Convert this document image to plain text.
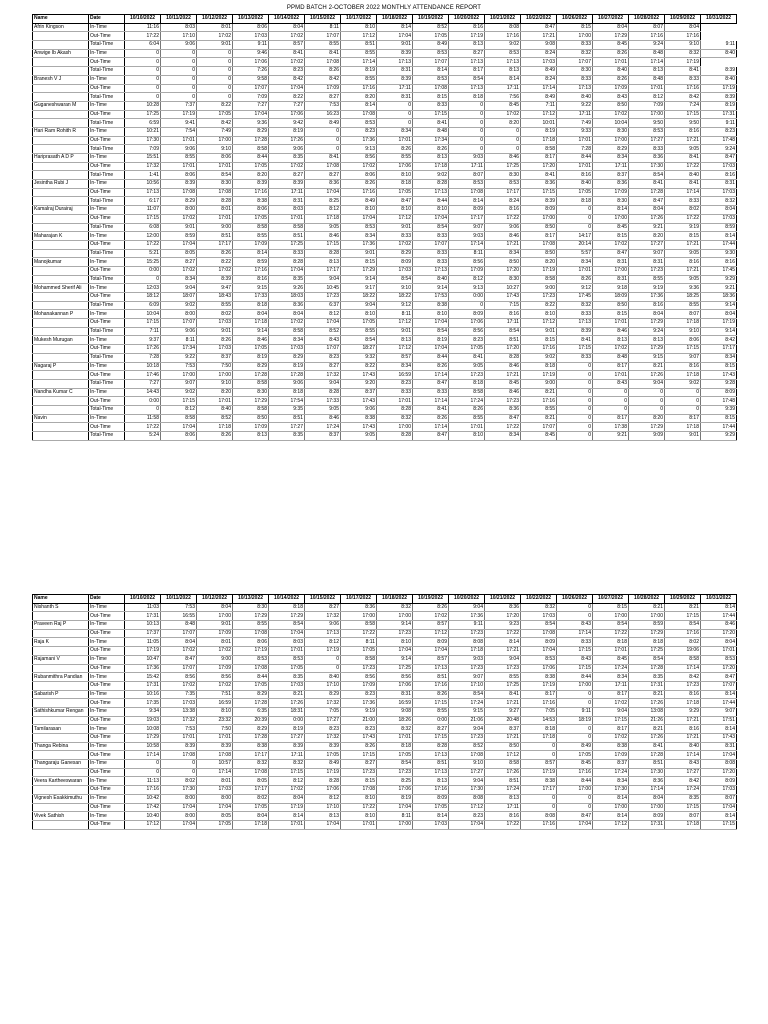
PPMD BATCH 2-OCTOBER 2022 MONTHLY ATTENDANCE REPORT
Name	Date	10/10/2022	10/11/2022	10/12/2022	10/13/2022	10/14/2022	10/15/2022	10/17/2022	10/18/2022	10/19/2022	10/20/2022	10/21/2022	10/22/2022	10/26/2022	10/27/2022	10/28/2022	10/29/2022	10/31/2022
Afrin Kingson	In-Time	11:16	8:03	8:01	8:06	8:04	8:11	8:10	8:14	8:52	8:16	8:08	8:47	8:15	8:04	8:07	8:04	
	Out-Time	17:22	17:10	17:02	17:03	17:02	17:07	17:12	17:04	17:05	17:19	17:16	17:21	17:00	17:29	17:16	17:16	
	Total-Time	6:04	9:06	9:01	9:11	8:57	8:55	8:51	9:01	8:49	8:13	9:02	9:08	8:33	8:45	9:24	9:10	9:11
Anwige Ib Akash	In-Time	0	0	0	9:46	8:41	8:41	8:55	8:39	8:53	8:27	8:53	8:24	8:32	8:26	8:48	8:32	8:40
	Out-Time	0	0	0	17:06	17:02	17:08	17:14	17:13	17:07	17:13	17:13	17:03	17:07	17:01	17:14	17:19	
	Total-Time	0	0	0	7:26	8:23	8:26	8:19	8:31	8:14	8:17	8:13	8:49	8:30	8:40	8:13	8:41	8:39
Branesh V J	In-Time	0	0	0	9:58	8:42	8:42	8:55	8:39	8:53	8:54	8:14	8:24	8:33	8:26	8:48	8:33	8:40
	Out-Time	0	0	0	17:07	17:04	17:09	17:16	17:11	17:08	17:13	17:11	17:14	17:13	17:09	17:01	17:16	17:19
	Total-Time	0	0	0	7:09	8:22	8:27	8:20	8:31	8:15	8:18	7:56	8:49	8:40	8:43	8:12	8:42	8:39
Guganeshwaran M	In-Time	10:28	7:37	8:22	7:27	7:27	7:53	8:14	0	8:33	0	8:45	7:11	9:22	8:50	7:09	7:24	8:19
	Out-Time	17:25	17:19	17:05	17:04	17:06	16:23	17:08	0	17:15	0	17:02	17:12	17:11	17:02	17:00	17:15	17:31
	Total-Time	6:59	9:41	8:42	9:36	9:42	8:49	8:53	0	8:41	0	8:20	10:01	7:49	10:04	9:50	9:50	9:11
Hari Ram Rohith R	In-Time	10:21	7:54	7:49	8:29	8:19	0	8:23	8:34	8:48	0	0	8:19	9:33	8:30	8:53	8:16	8:23
	Out-Time	17:30	17:01	17:00	17:28	17:26	0	17:36	17:01	17:34	0	0	17:18	17:01	17:00	17:27	17:21	17:48
	Total-Time	7:09	9:06	9:10	8:58	9:06	0	9:13	8:26	8:26	0	0	8:58	7:28	8:29	8:33	9:05	9:24
Hariprasath A D P	In-Time	15:51	8:55	8:06	8:44	8:35	8:41	8:56	8:55	8:13	9:03	8:46	8:17	8:44	8:34	8:36	8:41	8:47
	Out-Time	17:32	17:01	17:01	17:05	17:02	17:08	17:02	17:06	17:18	17:11	17:25	17:20	17:01	17:11	17:30	17:22	17:03
	Total-Time	1:41	8:06	8:54	8:20	8:27	8:27	8:06	8:10	9:02	8:07	8:30	8:41	8:16	8:37	8:54	8:40	8:16
Jesintha Rubi J	In-Time	10:56	8:39	8:30	8:39	8:39	8:36	8:26	8:18	8:28	8:53	8:53	8:36	8:40	8:36	8:41	8:41	8:31
	Out-Time	17:13	17:08	17:08	17:16	17:11	17:04	17:16	17:05	17:13	17:08	17:17	17:15	17:05	17:09	17:28	17:14	17:03
	Total-Time	6:17	8:29	8:28	8:38	8:31	8:25	8:49	8:47	8:44	8:14	8:24	8:39	8:18	8:30	8:47	8:33	8:32
Kamalraj Durairaj	In-Time	11:07	8:00	8:01	8:06	8:03	8:12	8:10	8:10	8:10	8:09	8:16	8:09	0	8:14	8:04	8:02	8:04
	Out-Time	17:15	17:02	17:01	17:05	17:01	17:18	17:04	17:12	17:04	17:17	17:22	17:00	0	17:00	17:26	17:22	17:03
	Total-Time	6:08	9:01	9:00	8:58	8:58	9:05	8:53	9:01	8:54	9:07	9:06	8:50	0	8:45	9:21	9:19	8:59
Maharajan K	In-Time	12:00	8:59	8:51	8:55	8:51	8:46	8:34	8:33	8:33	9:03	8:46	8:17	14:17	8:15	8:20	8:15	8:14
	Out-Time	17:22	17:04	17:17	17:09	17:25	17:15	17:36	17:02	17:07	17:14	17:21	17:08	20:14	17:02	17:27	17:21	17:44
	Total-Time	5:21	8:05	8:26	8:14	8:33	8:28	9:01	8:29	8:33	8:11	8:34	8:50	5:57	8:47	9:07	9:05	9:30
Manojkumar	In-Time	15:25	8:27	8:22	8:59	8:28	8:13	8:15	8:09	8:33	8:56	8:50	8:20	8:34	8:31	8:31	8:16	8:16
	Out-Time	0:00	17:02	17:02	17:16	17:04	17:17	17:29	17:03	17:13	17:09	17:20	17:19	17:01	17:00	17:23	17:21	17:45
	Total-Time	0	8:34	8:39	8:16	8:35	9:04	9:14	8:54	8:40	8:12	8:30	8:58	8:26	8:31	8:55	9:05	9:29
Mohammed Sherif Ali	In-Time	12:03	9:04	9:47	9:15	9:26	10:45	9:17	9:10	9:14	9:13	10:27	9:00	9:12	9:18	9:19	9:36	9:21
	Out-Time	18:12	18:07	18:43	17:33	18:03	17:23	18:22	18:22	17:53	0:00	17:43	17:23	17:45	18:09	17:36	18:25	18:36
	Total-Time	6:09	9:02	8:55	8:18	8:36	6:37	9:04	9:12	8:38	0	7:15	8:22	8:32	8:50	8:16	8:55	9:14
Mohanakannan P	In-Time	10:04	8:00	8:02	8:04	8:04	8:12	8:10	8:11	8:10	8:09	8:16	8:10	8:33	8:15	8:04	8:07	8:04
	Out-Time	17:15	17:07	17:03	17:18	17:02	17:04	17:05	17:12	17:04	17:06	17:11	17:12	17:13	17:01	17:29	17:18	17:19
	Total-Time	7:11	9:06	9:01	9:14	8:58	8:52	8:55	9:01	8:54	8:56	8:54	9:01	8:39	8:46	9:24	9:10	9:14
Mukesh Murugan	In-Time	9:37	8:11	8:26	8:46	8:34	8:43	8:54	8:13	8:19	8:23	8:51	8:15	8:41	8:13	8:13	8:06	8:42
	Out-Time	17:26	17:34	17:03	17:05	17:03	17:07	18:27	17:12	17:04	17:05	17:20	17:16	17:15	17:02	17:29	17:15	17:17
	Total-Time	7:28	9:22	8:37	8:19	8:29	8:23	9:32	8:57	8:44	8:41	8:28	9:02	8:33	8:48	9:15	9:07	8:34
Nagaraj P	In-Time	10:18	7:53	7:50	8:29	8:19	8:27	8:22	8:34	8:26	9:05	8:46	8:18	0	8:17	8:21	8:16	8:15
	Out-Time	17:46	17:00	17:00	17:28	17:28	17:32	17:43	16:59	17:14	17:23	17:21	17:19	0	17:01	17:26	17:18	17:43
	Total-Time	7:27	9:07	9:10	8:58	9:06	9:04	9:20	8:23	8:47	8:18	8:45	9:00	0	8:43	9:04	9:02	9:28
Nandha Kumar C	In-Time	14:43	9:02	8:20	8:30	8:18	8:28	8:37	8:33	8:33	8:58	8:46	8:21	0	0	0	0	8:09
	Out-Time	0:00	17:15	17:01	17:29	17:54	17:33	17:43	17:01	17:14	17:24	17:23	17:16	0	0	0	0	17:48
	Total-Time	0	8:12	8:40	8:58	9:35	9:05	9:06	8:28	8:41	8:26	8:36	8:55	0	0	0	0	9:39
Navin	In-Time	11:58	8:58	8:52	8:50	8:51	8:46	8:38	8:32	8:26	8:55	8:47	8:21	0	8:17	8:20	8:17	8:15
	Out-Time	17:22	17:04	17:18	17:09	17:27	17:24	17:43	17:00	17:14	17:01	17:22	17:07	0	17:38	17:29	17:18	17:44
	Total-Time	5:24	8:06	8:26	8:13	8:35	8:37	9:05	8:28	8:47	8:10	8:34	8:45	0	9:21	9:09	9:01	9:29
Name	Date	10/10/2022	10/11/2022	10/12/2022	10/13/2022	10/14/2022	10/15/2022	10/17/2022	10/18/2022	10/19/2022	10/20/2022	10/21/2022	10/22/2022	10/26/2022	10/27/2022	10/28/2022	10/29/2022	10/31/2022
Nishanth S	In-Time	11:03	7:53	8:04	8:30	8:18	8:27	8:36	8:32	8:26	9:04	8:36	8:32	0	8:15	8:21	8:21	8:14
	Out-Time	17:31	16:55	17:00	17:29	17:29	17:32	17:00	17:00	17:02	17:36	17:20	17:03	0	17:00	17:00	17:15	17:44
Praveen Raj P	In-Time	10:13	8:48	9:01	8:55	8:54	9:06	8:58	9:14	8:57	9:11	9:23	8:54	8:43	8:54	8:59	8:54	8:46
	Out-Time	17:37	17:07	17:09	17:08	17:04	17:13	17:22	17:23	17:12	17:23	17:22	17:08	17:14	17:22	17:29	17:16	17:20
Raja K	In-Time	11:05	8:04	8:01	8:06	8:03	8:12	8:11	8:10	8:09	8:08	8:14	8:09	8:33	8:18	8:18	8:02	8:04
	Out-Time	17:19	17:02	17:02	17:19	17:01	17:19	17:05	17:04	17:04	17:18	17:21	17:04	17:15	17:01	17:25	19:06	17:01
Rajamani V	In-Time	10:47	8:47	9:00	8:53	8:53	0	8:58	9:14	8:57	9:03	9:04	8:53	8:43	8:45	8:54	8:58	8:53
	Out-Time	17:36	17:07	17:09	17:08	17:05	0	17:23	17:25	17:13	17:23	17:23	17:06	17:15	17:24	17:28	17:14	17:20
Rubanmithra Pandian	In-Time	15:42	8:56	8:56	8:44	8:35	8:40	8:56	8:56	8:51	9:07	8:55	8:38	8:44	8:34	8:35	8:42	8:47
	Out-Time	17:31	17:02	17:02	17:05	17:03	17:10	17:09	17:06	17:16	17:10	17:25	17:19	17:00	17:11	17:31	17:23	17:07
Sabarish P	In-Time	10:16	7:35	7:51	8:29	8:21	8:29	8:23	8:31	8:26	8:54	8:41	8:17	0	8:17	8:21	8:16	8:14
	Out-Time	17:35	17:03	16:59	17:28	17:26	17:32	17:36	16:59	17:15	17:24	17:21	17:16	0	17:02	17:26	17:18	17:44
Sathishkumar Rengan	In-Time	9:34	13:38	8:10	6:35	18:31	7:05	9:19	9:08	8:55	9:15	9:27	7:05	9:11	9:04	13:08	9:29	9:07
	Out-Time	19:03	17:32	23:32	20:39	0:00	17:27	21:00	18:26	0:00	21:06	20:48	14:53	18:19	17:15	21:26	17:21	17:51
Tamilarasan	In-Time	10:08	7:53	7:50	8:29	8:19	8:23	8:23	8:32	8:27	9:04	8:37	8:18	0	8:17	8:21	8:16	8:14
	Out-Time	17:29	17:01	17:01	17:28	17:27	17:32	17:43	17:01	17:15	17:23	17:21	17:18	0	17:02	17:26	17:21	17:43
Thanga Rebina	In-Time	10:58	8:39	8:39	8:38	8:39	8:39	8:26	8:18	8:28	8:52	8:50	0	8:49	8:38	8:41	8:40	8:31
	Out-Time	17:14	17:08	17:08	17:17	17:11	17:05	17:15	17:05	17:13	17:08	17:12	0	17:05	17:09	17:28	17:14	17:04
Thangaraju Ganesan	In-Time	0	0	10:57	8:32	8:32	8:49	8:27	8:54	8:51	9:10	8:58	8:57	8:45	8:37	8:51	8:43	8:08
	Out-Time	0	0	17:14	17:08	17:15	17:19	17:23	17:23	17:13	17:27	17:26	17:19	17:16	17:24	17:30	17:27	17:20
Veera Kartheeswaran	In-Time	11:13	8:02	8:01	8:05	8:12	8:28	8:15	8:25	8:13	9:04	8:51	8:38	8:44	8:34	8:36	8:42	8:09
	Out-Time	17:16	17:30	17:03	17:17	17:02	17:06	17:08	17:06	17:16	17:30	17:24	17:17	17:00	17:30	17:14	17:24	17:03
Vignesh Esakkimuthu	In-Time	10:42	8:00	8:00	8:02	8:04	8:12	8:10	8:19	8:09	8:08	8:13	0	0	8:14	8:04	8:35	8:07
	Out-Time	17:42	17:04	17:04	17:05	17:19	17:10	17:22	17:04	17:05	17:12	17:11	0	0	17:00	17:00	17:15	17:04
Vivek Sathish	In-Time	10:40	8:00	8:05	8:04	8:14	8:13	8:10	8:11	8:14	8:23	8:16	8:08	8:47	8:14	8:09	8:07	8:14
	Out-Time	17:12	17:04	17:05	17:18	17:01	17:04	17:01	17:00	17:03	17:04	17:22	17:16	17:04	17:12	17:31	17:18	17:15
